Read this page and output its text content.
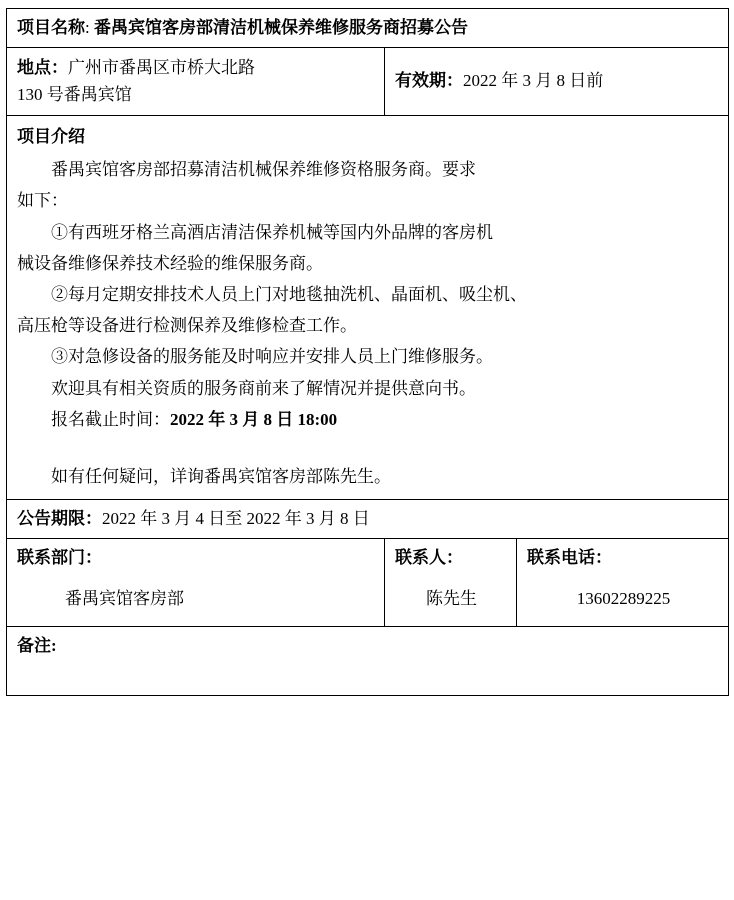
项目名称: 番禺宾馆客房部清洁机械保养维修服务商招募公告		

地点：广州市番禺区市桥大北路

130 号番禺宾馆	有效期：2022 年 3 月 8 日前	

项目介绍

番禺宾馆客房部招募清洁机械保养维修资格服务商。要求

如下：

①有西班牙格兰高酒店清洁保养机械等国内外品牌的客房机

械设备维修保养技术经验的维保服务商。

②每月定期安排技术人员上门对地毯抽洗机、晶面机、吸尘机、

高压枪等设备进行检测保养及维修检查工作。

③对急修设备的服务能及时响应并安排人员上门维修服务。

欢迎具有相关资质的服务商前来了解情况并提供意向书。

报名截止时间：2022 年 3 月 8 日 18:00

如有任何疑问，详询番禺宾馆客房部陈先生。

公告期限：2022 年 3 月 4 日至 2022 年 3 月 8 日		

联系部门：
番禺宾馆客房部

联系人：
陈先生

联系电话：
13602289225

备注:		
